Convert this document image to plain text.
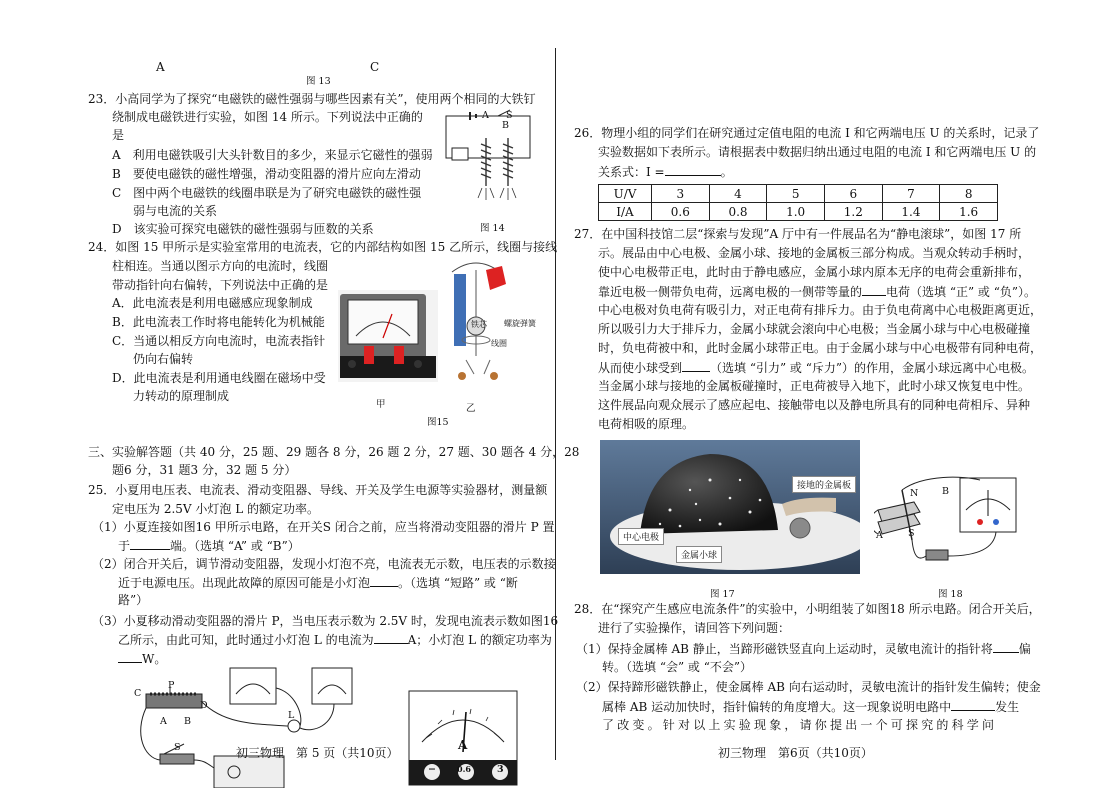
A	C
图 13
23．小高同学为了探究“电磁铁的磁性强弱与哪些因素有关”，使用两个相同的大铁钉
绕制成电磁铁进行实验，如图 14 所示。下列说法中正确的
是
A　利用电磁铁吸引大头针数目的多少，来显示它磁性的强弱
B　要使电磁铁的磁性增强，滑动变阻器的滑片应向左滑动
C　图中两个电磁铁的线圈串联是为了研究电磁铁的磁性强
弱与电流的关系
D　该实验可探究电磁铁的磁性强弱与匝数的关系
A
B
S
图 14
24．如图 15 甲所示是实验室常用的电流表，它的内部结构如图 15 乙所示，线圈与接线
柱相连。当通以图示方向的电流时，线圈
带动指针向右偏转，下列说法中正确的是
A．此电流表是利用电磁感应现象制成
B．此电流表工作时将电能转化为机械能
C．当通以相反方向电流时，电流表指针
仍向右偏转
D．此电流表是利用通电线圈在磁场中受
力转动的原理制成
铁芯 螺旋弹簧
线圈
甲	乙
图15
三、实验解答题（共 40 分，25 题、29 题各 8 分，26 题 2 分，27 题、30 题各 4 分，28
题6 分，31 题3 分，32 题 5 分）
25．小夏用电压表、电流表、滑动变阻器、导线、开关及学生电源等实验器材，测量额
定电压为 2.5V 小灯泡 L 的额定功率。
（1）小夏连接如图16 甲所示电路，在开关S 闭合之前，应当将滑动变阻器的滑片 P 置
于	端。（选填 “A” 或 “B”）
（2）闭合开关后，调节滑动变阻器，发现小灯泡不亮，电流表无示数，电压表的示数接
近于电源电压。出现此故障的原因可能是小灯泡 。（选填 “短路” 或 “断
路”）
（3）小夏移动滑动变阻器的滑片 P，当电压表示数为 2.5V 时，发现电流表示数如图16
乙所示，由此可知，此时通过小灯泡 L 的电流为	A；小灯泡 L 的额定功率为
W。
C
P
D
A B
S
L
A
−	0.6	3
初三物理　第 5 页（共10页）
26．物理小组的同学们在研究通过定值电阻的电流 I 和它两端电压 U 的关系时，记录了
实验数据如下表所示。请根据表中数据归纳出通过电阻的电流 I 和它两端电压 U 的
关系式：I =	。
U/V	3	4	5	6	7	8
I/A	0.6	0.8	1.0	1.2	1.4	1.6
27．在中国科技馆二层“探索与发现”A 厅中有一件展品名为“静电滚球”，如图 17 所
示。展品由中心电极、金属小球、接地的金属板三部分构成。当观众转动手柄时，
使中心电极带正电，此时由于静电感应，金属小球内原本无序的电荷会重新排布，
靠近电极一侧带负电荷，远离电极的一侧带等量的 电荷（选填 “正” 或 “负”）。
中心电极对负电荷有吸引力，对正电荷有排斥力。由于负电荷离中心电极距离更近，
所以吸引力大于排斥力，金属小球就会滚向中心电极；当金属小球与中心电极碰撞
时，负电荷被中和，此时金属小球带正电。由于金属小球与中心电极带有同种电荷，
从而使小球受到 （选填 “引力” 或 “斥力”）的作用，金属小球远离中心电极。
当金属小球与接地的金属板碰撞时，正电荷被导入地下，此时小球又恢复电中性。
这件展品向观众展示了感应起电、接触带电以及静电所具有的同种电荷相斥、异种
电荷相吸的原理。
接地的金属板
中心电极
金属小球
图 17
N B
S
A
图 18
28．在“探究产生感应电流条件”的实验中，小明组装了如图18 所示电路。闭合开关后，
进行了实验操作，请回答下列问题：
（1）保持金属棒 AB 静止，当蹄形磁铁竖直向上运动时，灵敏电流计的指针将 偏
转。（选填 “会” 或 “不会”）
（2）保持蹄形磁铁静止，使金属棒 AB 向右运动时，灵敏电流计的指针发生偏转；使金
属棒 AB 运动加快时，指针偏转的角度增大。这一现象说明电路中	发生
了改变。针对以上实验现象，请你提出一个可探究的科学问
初三物理　第6页（共10页）
